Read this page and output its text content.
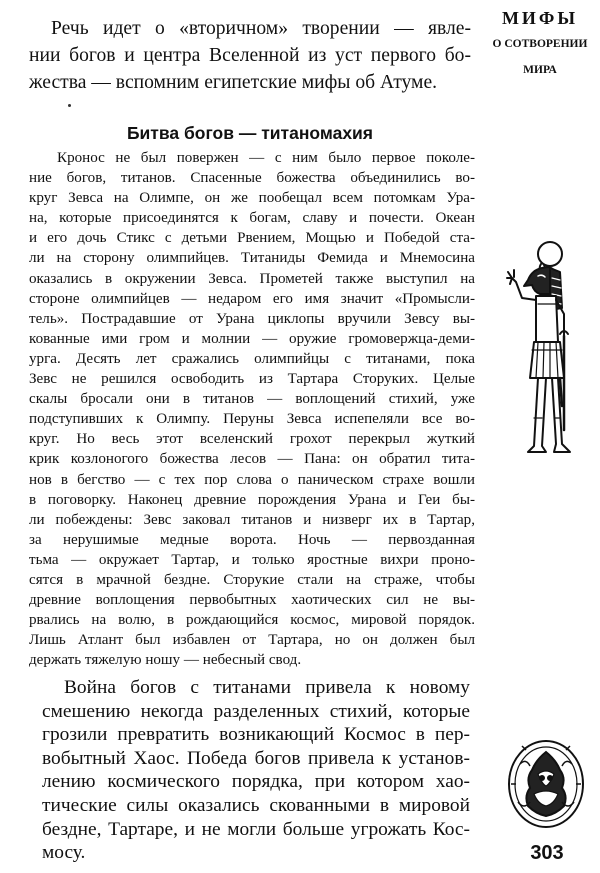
МИФЫ
О СОТВОРЕНИИ
МИРА
Речь идет о «вторичном» творении — явле-
нии богов и центра Вселенной из уст первого бо-
жества — вспомним египетские мифы об Атуме.
Битва богов — титаномахия
Кронос не был повержен — с ним было первое поколе-
ние богов, титанов. Спасенные божества объединились во-
круг Зевса на Олимпе, он же пообещал всем потомкам Ура-
на, которые присоединятся к богам, славу и почести. Океан
и его дочь Стикс с детьми Рвением, Мощью и Победой ста-
ли на сторону олимпийцев. Титаниды Фемида и Мнемосина
оказались в окружении Зевса. Прометей также выступил на
стороне олимпийцев — недаром его имя значит «Промысли-
тель». Пострадавшие от Урана циклопы вручили Зевсу вы-
кованные ими гром и молнии — оружие громовержца-деми-
урга. Десять лет сражались олимпийцы с титанами, пока
Зевс не решился освободить из Тартара Сторуких. Целые
скалы бросали они в титанов — воплощений стихий, уже
подступивших к Олимпу. Перуны Зевса испепеляли все во-
круг. Но весь этот вселенский грохот перекрыл жуткий
крик козлоногого божества лесов — Пана: он обратил тита-
нов в бегство — с тех пор слова о паническом страхе вошли
в поговорку. Наконец древние порождения Урана и Геи бы-
ли побеждены: Зевс заковал титанов и низверг их в Тартар,
за нерушимые медные ворота. Ночь — первозданная
тьма — окружает Тартар, и только яростные вихри проно-
сятся в мрачной бездне. Сторукие стали на страже, чтобы
древние воплощения первобытных хаотических сил не вы-
рвались на волю, в рождающийся космос, мировой порядок.
Лишь Атлант был избавлен от Тартара, но он должен был
держать тяжелую ношу — небесный свод.
Война богов с титанами привела к новому
смешению некогда разделенных стихий, которые
грозили превратить возникающий Космос в пер-
вобытный Хаос. Победа богов привела к установ-
лению космического порядка, при котором хао-
тические силы оказались скованными в мировой
бездне, Тартаре, и не могли больше угрожать Кос-
мосу.	303
